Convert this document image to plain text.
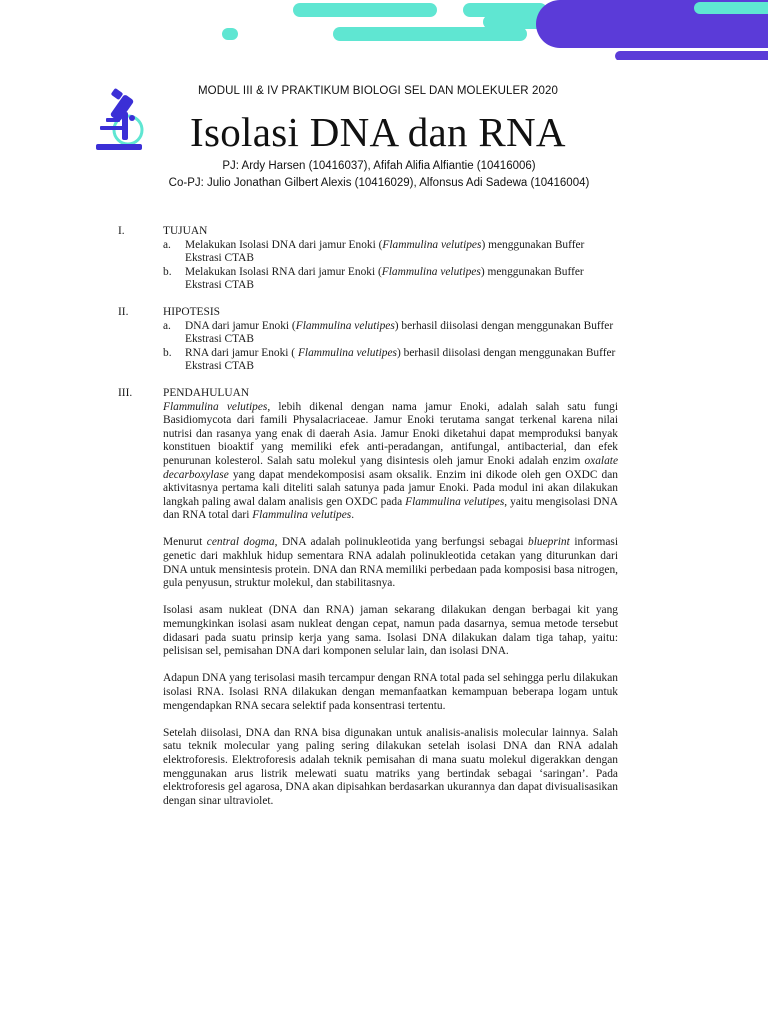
MODUL III & IV PRAKTIKUM BIOLOGI SEL DAN MOLEKULER 2020
Isolasi DNA dan RNA
PJ: Ardy Harsen (10416037), Afifah Alifia Alfiantie (10416006)
Co-PJ: Julio Jonathan Gilbert Alexis (10416029), Alfonsus Adi Sadewa (10416004)
I.	TUJUAN
a. Melakukan Isolasi DNA dari jamur Enoki (Flammulina velutipes) menggunakan Buffer Ekstrasi CTAB
b. Melakukan Isolasi RNA dari jamur Enoki (Flammulina velutipes) menggunakan Buffer Ekstrasi CTAB
II.	HIPOTESIS
a. DNA dari jamur Enoki (Flammulina velutipes) berhasil diisolasi dengan menggunakan Buffer Ekstrasi CTAB
b. RNA dari jamur Enoki ( Flammulina velutipes) berhasil diisolasi dengan menggunakan Buffer Ekstrasi CTAB
III.	PENDAHULUAN
Flammulina velutipes, lebih dikenal dengan nama jamur Enoki, adalah salah satu fungi Basidiomycota dari famili Physalacriaceae. Jamur Enoki terutama sangat terkenal karena nilai nutrisi dan rasanya yang enak di daerah Asia. Jamur Enoki diketahui dapat memproduksi banyak konstituen bioaktif yang memiliki efek anti-peradangan, antifungal, antibacterial, dan efek penurunan kolesterol. Salah satu molekul yang disintesis oleh jamur Enoki adalah enzim oxalate decarboxylase yang dapat mendekomposisi asam oksalik. Enzim ini dikode oleh gen OXDC dan aktivitasnya pertama kali diteliti salah satunya pada jamur Enoki. Pada modul ini akan dilakukan langkah paling awal dalam analisis gen OXDC pada Flammulina velutipes, yaitu mengisolasi DNA dan RNA total dari Flammulina velutipes.
Menurut central dogma, DNA adalah polinukleotida yang berfungsi sebagai blueprint informasi genetic dari makhluk hidup sementara RNA adalah polinukleotida cetakan yang diturunkan dari DNA untuk mensintesis protein. DNA dan RNA memiliki perbedaan pada komposisi basa nitrogen, gula penyusun, struktur molekul, dan stabilitasnya.
Isolasi asam nukleat (DNA dan RNA) jaman sekarang dilakukan dengan berbagai kit yang memungkinkan isolasi asam nukleat dengan cepat, namun pada dasarnya, semua metode tersebut didasari pada suatu prinsip kerja yang sama. Isolasi DNA dilakukan dalam tiga tahap, yaitu: pelisisan sel, pemisahan DNA dari komponen selular lain, dan isolasi DNA.
Adapun DNA yang terisolasi masih tercampur dengan RNA total pada sel sehingga perlu dilakukan isolasi RNA. Isolasi RNA dilakukan dengan memanfaatkan kemampuan beberapa logam untuk mengendapkan RNA secara selektif pada konsentrasi tertentu.
Setelah diisolasi, DNA dan RNA bisa digunakan untuk analisis-analisis molecular lainnya. Salah satu teknik molecular yang paling sering dilakukan setelah isolasi DNA dan RNA adalah elektroforesis. Elektroforesis adalah teknik pemisahan di mana suatu molekul digerakkan dengan menggunakan arus listrik melewati suatu matriks yang bertindak sebagai ‘saringan’. Pada elektroforesis gel agarosa, DNA akan dipisahkan berdasarkan ukurannya dan dapat divisualisasikan dengan sinar ultraviolet.
